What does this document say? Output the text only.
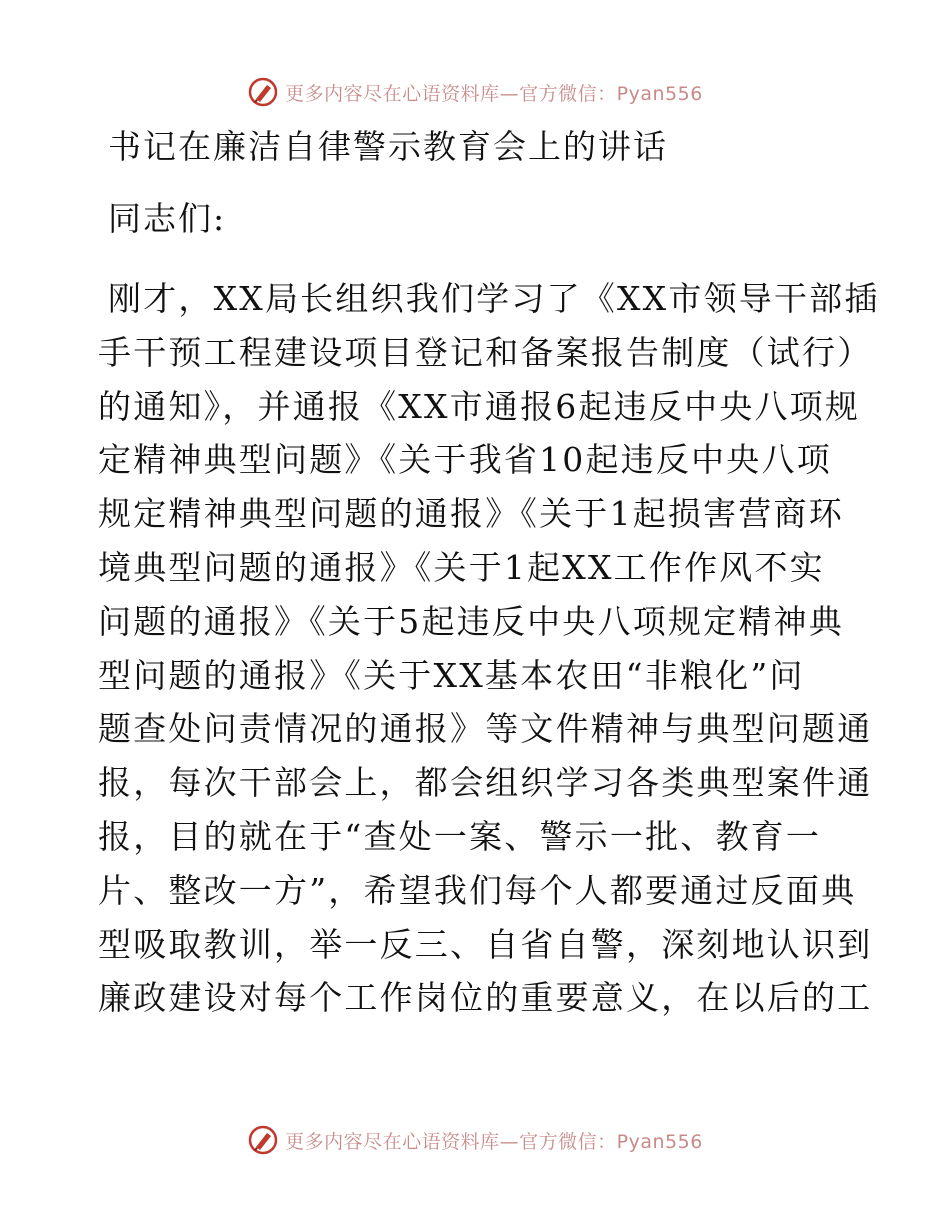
更多内容尽在心语资料库—官方微信：Pyan556
书记在廉洁自律警示教育会上的讲话
同志们:
刚才，XX局长组织我们学习了《XX市领导干部插
手干预工程建设项目登记和备案报告制度（试行）
的通知》，并通报《XX市通报6起违反中央八项规
定精神典型问题》《关于我省10起违反中央八项
规定精神典型问题的通报》《关于1起损害营商环
境典型问题的通报》《关于1起XX工作作风不实
问题的通报》《关于5起违反中央八项规定精神典
型问题的通报》《关于XX基本农田“非粮化”问
题查处问责情况的通报》等文件精神与典型问题通
报，每次干部会上，都会组织学习各类典型案件通
报，目的就在于“查处一案、警示一批、教育一
片、整改一方”，希望我们每个人都要通过反面典
型吸取教训，举一反三、自省自警，深刻地认识到
廉政建设对每个工作岗位的重要意义，在以后的工
更多内容尽在心语资料库—官方微信：Pyan556
